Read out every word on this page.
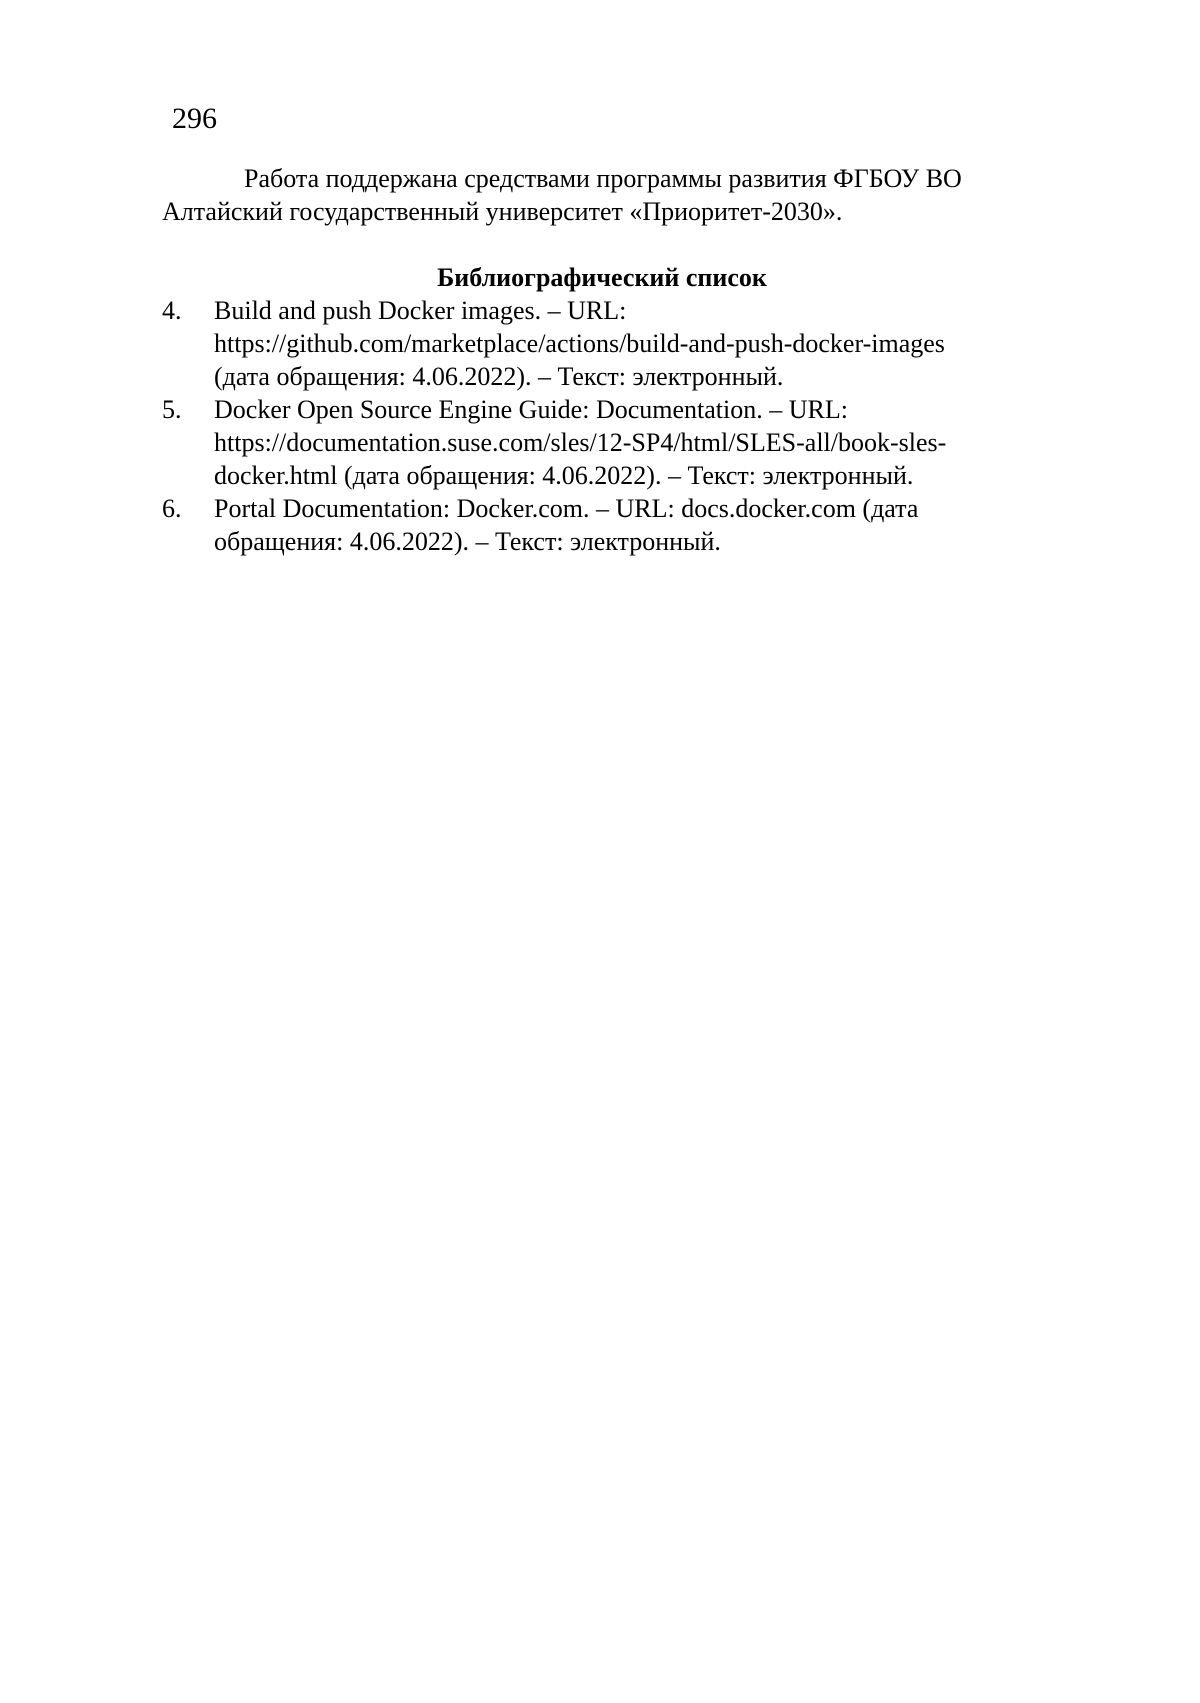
296
Работа поддержана средствами программы развития ФГБОУ ВО
Алтайский государственный университет «Приоритет-2030».
Библиографический список
4.	Build and push Docker images. – URL:
https://github.com/marketplace/actions/build-and-push-docker-images
(дата обращения: 4.06.2022). – Текст: электронный.
5.	Docker Open Source Engine Guide: Documentation. – URL:
https://documentation.suse.com/sles/12-SP4/html/SLES-all/book-sles-
docker.html (дата обращения: 4.06.2022). – Текст: электронный.
6.	Portal Documentation: Docker.com. – URL: docs.docker.com (дата
обращения: 4.06.2022). – Текст: электронный.
